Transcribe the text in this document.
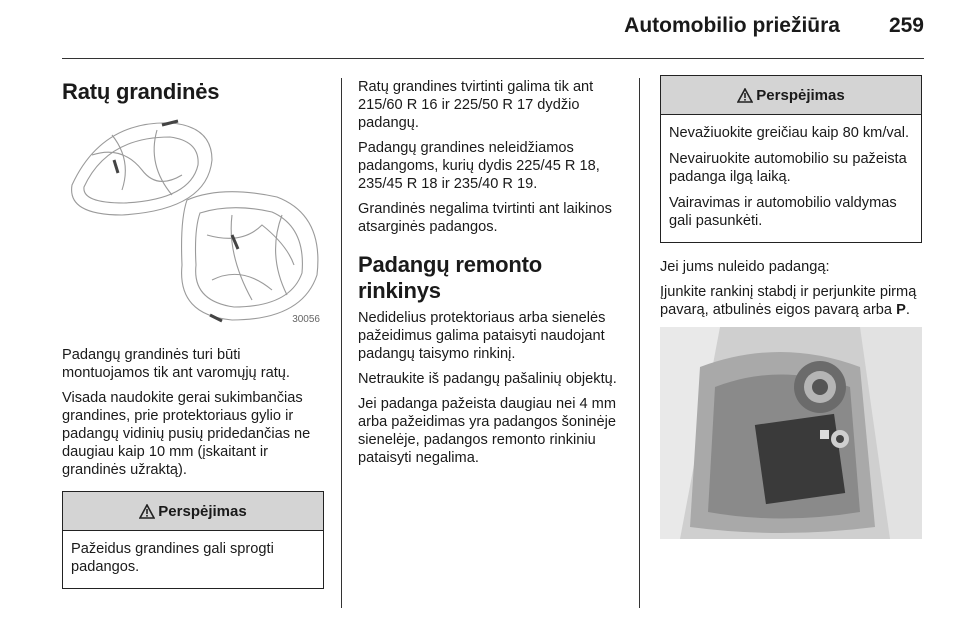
Automobilio priežiūra 259
Ratų grandinės
30056

Padangų grandinės turi būti montuojamos tik ant varomųjų ratų.

Visada naudokite gerai sukimbančias grandines, prie protektoriaus gylio ir padangų vidinių pusių pridedančias ne daugiau kaip 10 mm (įskaitant ir grandinės užraktą).

Perspėjimas

Pažeidus grandines gali sprogti padangos.

Ratų grandines tvirtinti galima tik ant 215/60 R 16 ir 225/50 R 17 dydžio padangų.

Padangų grandines neleidžiamos padangoms, kurių dydis 225/45 R 18, 235/45 R 18 ir 235/40 R 19.

Grandinės negalima tvirtinti ant laikinos atsarginės padangos.

Padangų remonto rinkinys

Nedidelius protektoriaus arba sienelės pažeidimus galima pataisyti naudojant padangų taisymo rinkinį.

Netraukite iš padangų pašalinių objektų.

Jei padanga pažeista daugiau nei 4 mm arba pažeidimas yra padangos šoninėje sienelėje, padangos remonto rinkiniu pataisyti negalima.

Perspėjimas

Nevažiuokite greičiau kaip 80 km/val.

Nevairuokite automobilio su pažeista padanga ilgą laiką.

Vairavimas ir automobilio valdymas gali pasunkėti.

Jei jums nuleido padangą:

Įjunkite rankinį stabdį ir perjunkite pirmą pavarą, atbulinės eigos pavarą arba P.
